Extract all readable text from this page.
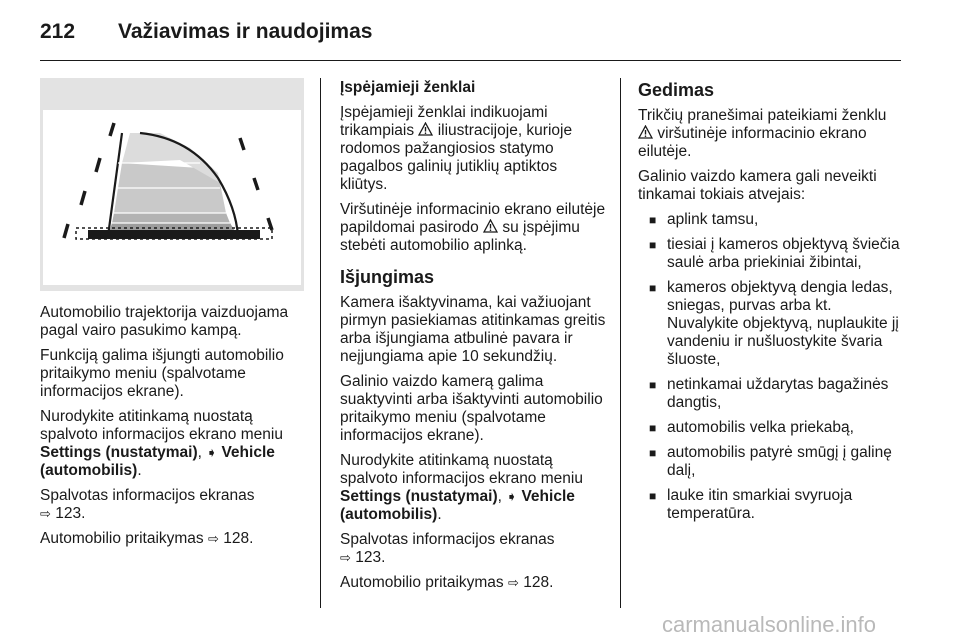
212 Važiavimas ir naudojimas

Automobilio trajektorija vaizduojama pagal vairo pasukimo kampą.

Funkciją galima išjungti automobilio pritaikymo meniu (spalvotame informacijos ekrane).

Nurodykite atitinkamą nuostatą spalvoto informacijos ekrano meniu Settings (nustatymai), ➧ Vehicle (automobilis).

Spalvotas informacijos ekranas
⇨ 123.

Automobilio pritaikymas ⇨ 128.

Įspėjamieji ženklai

Įspėjamieji ženklai indikuojami trikampiais iliustracijoje, kurioje rodomos pažangiosios statymo pagalbos galinių jutiklių aptiktos kliūtys.

Viršutinėje informacinio ekrano eilutėje papildomai pasirodo su įspėjimu stebėti automobilio aplinką.

Išjungimas

Kamera išaktyvinama, kai važiuojant pirmyn pasiekiamas atitinkamas greitis arba išjungiama atbulinė pavara ir neįjungiama apie 10 sekundžių.

Galinio vaizdo kamerą galima suaktyvinti arba išaktyvinti automobilio pritaikymo meniu (spalvotame informacijos ekrane).

Nurodykite atitinkamą nuostatą spalvoto informacijos ekrano meniu Settings (nustatymai), ➧ Vehicle (automobilis).

Spalvotas informacijos ekranas
⇨ 123.

Automobilio pritaikymas ⇨ 128.

Gedimas

Trikčių pranešimai pateikiami ženklu
viršutinėje informacinio ekrano eilutėje.

Galinio vaizdo kamera gali neveikti tinkamai tokiais atvejais:

■ aplink tamsu,
■ tiesiai į kameros objektyvą šviečia saulė arba priekiniai žibintai,
■ kameros objektyvą dengia ledas, sniegas, purvas arba kt. Nuvalykite objektyvą, nuplaukite jį vandeniu ir nušluostykite švaria šluoste,
■ netinkamai uždarytas bagažinės dangtis,
■ automobilis velka priekabą,
■ automobilis patyrė smūgį į galinę dalį,
■ lauke itin smarkiai svyruoja temperatūra.
carmanualsonline.info
